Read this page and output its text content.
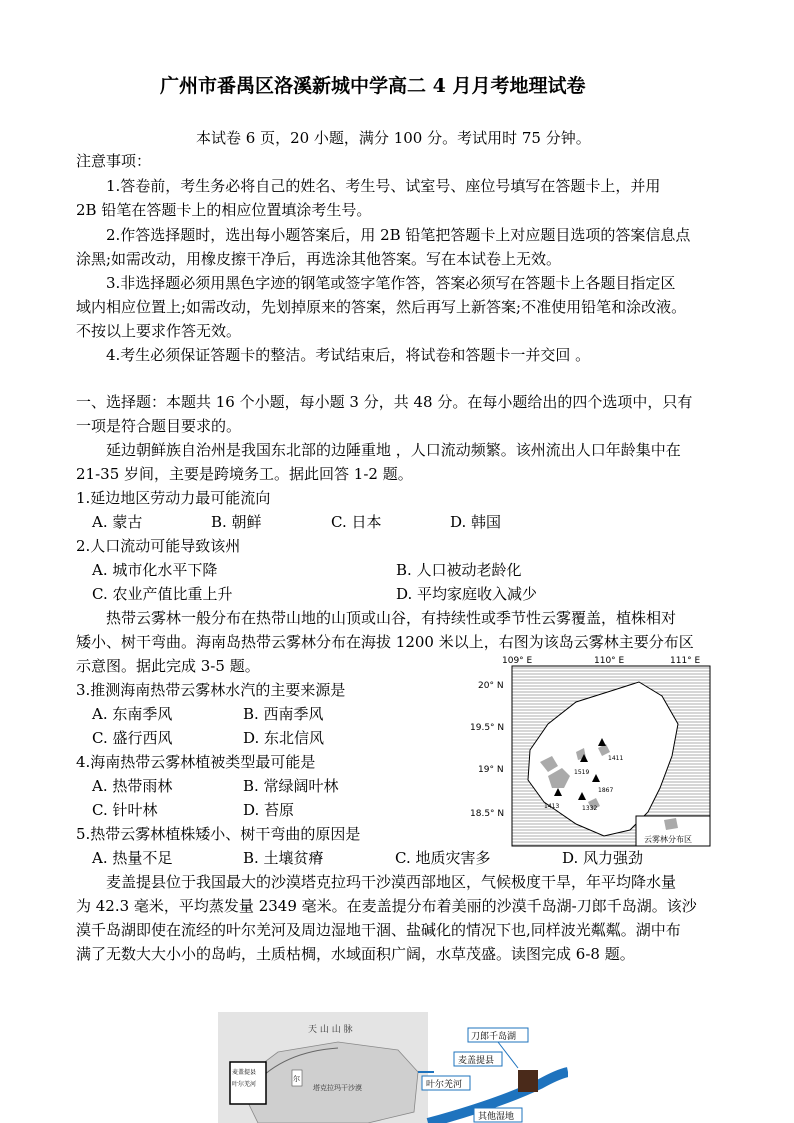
广州市番禺区洛溪新城中学高二 4 月月考地理试卷
本试卷 6 页，20 小题，满分 100 分。考试用时 75 分钟。
注意事项：
1.答卷前，考生务必将自己的姓名、考生号、试室号、座位号填写在答题卡上，并用
2B 铅笔在答题卡上的相应位置填涂考生号。
2.作答选择题时，选出每小题答案后，用 2B 铅笔把答题卡上对应题目选项的答案信息点
涂黑;如需改动，用橡皮擦干净后，再选涂其他答案。写在本试卷上无效。
3.非选择题必须用黑色字迹的钢笔或签字笔作答，答案必须写在答题卡上各题目指定区
域内相应位置上;如需改动，先划掉原来的答案，然后再写上新答案;不准使用铅笔和涂改液。
不按以上要求作答无效。
4.考生必须保证答题卡的整洁。考试结束后，将试卷和答题卡一并交回 。
一、选择题：本题共 16 个小题，每小题 3 分，共 48 分。在每小题给出的四个选项中，只有
一项是符合题目要求的。
延边朝鲜族自治州是我国东北部的边陲重地 ，人口流动频繁。该州流出人口年龄集中在
21-35 岁间，主要是跨境务工。据此回答 1-2 题。
1.延边地区劳动力最可能流向
A. 蒙古	B. 朝鲜	C. 日本	D. 韩国
2.人口流动可能导致该州
A. 城市化水平下降	B. 人口被动老龄化
C. 农业产值比重上升	D. 平均家庭收入减少
热带云雾林一般分布在热带山地的山顶或山谷，有持续性或季节性云雾覆盖，植株相对
矮小、树干弯曲。海南岛热带云雾林分布在海拔 1200 米以上，右图为该岛云雾林主要分布区
示意图。据此完成 3-5 题。
3.推测海南热带云雾林水汽的主要来源是
A. 东南季风	B. 西南季风
C. 盛行西风	D. 东北信风
4.海南热带云雾林植被类型最可能是
A. 热带雨林	B. 常绿阔叶林
C. 针叶林	D. 苔原
5.热带云雾林植株矮小、树干弯曲的原因是
A. 热量不足	B. 土壤贫瘠	C. 地质灾害多	D. 风力强劲
麦盖提县位于我国最大的沙漠塔克拉玛干沙漠西部地区，气候极度干旱，年平均降水量
为 42.3 毫米，平均蒸发量 2349 毫米。在麦盖提分布着美丽的沙漠千岛湖-刀郎千岛湖。该沙
漠千岛湖即使在流经的叶尔羌河及周边湿地干涸、盐碱化的情况下也,同样波光粼粼。湖中布
满了无数大大小小的岛屿，土质枯椆，水域面积广阔，水草茂盛。读图完成 6-8 题。
109° E	110° E	111° E
20° N
19.5° N
19° N
18.5° N
1411
1519
1867
1413	1332
云雾林分布区
天 山 山 脉
塔克拉玛干沙漠
麦盖提县
叶尔羌河
尔
刀郎千岛湖
麦盖提县
叶尔羌河
其他湿地
